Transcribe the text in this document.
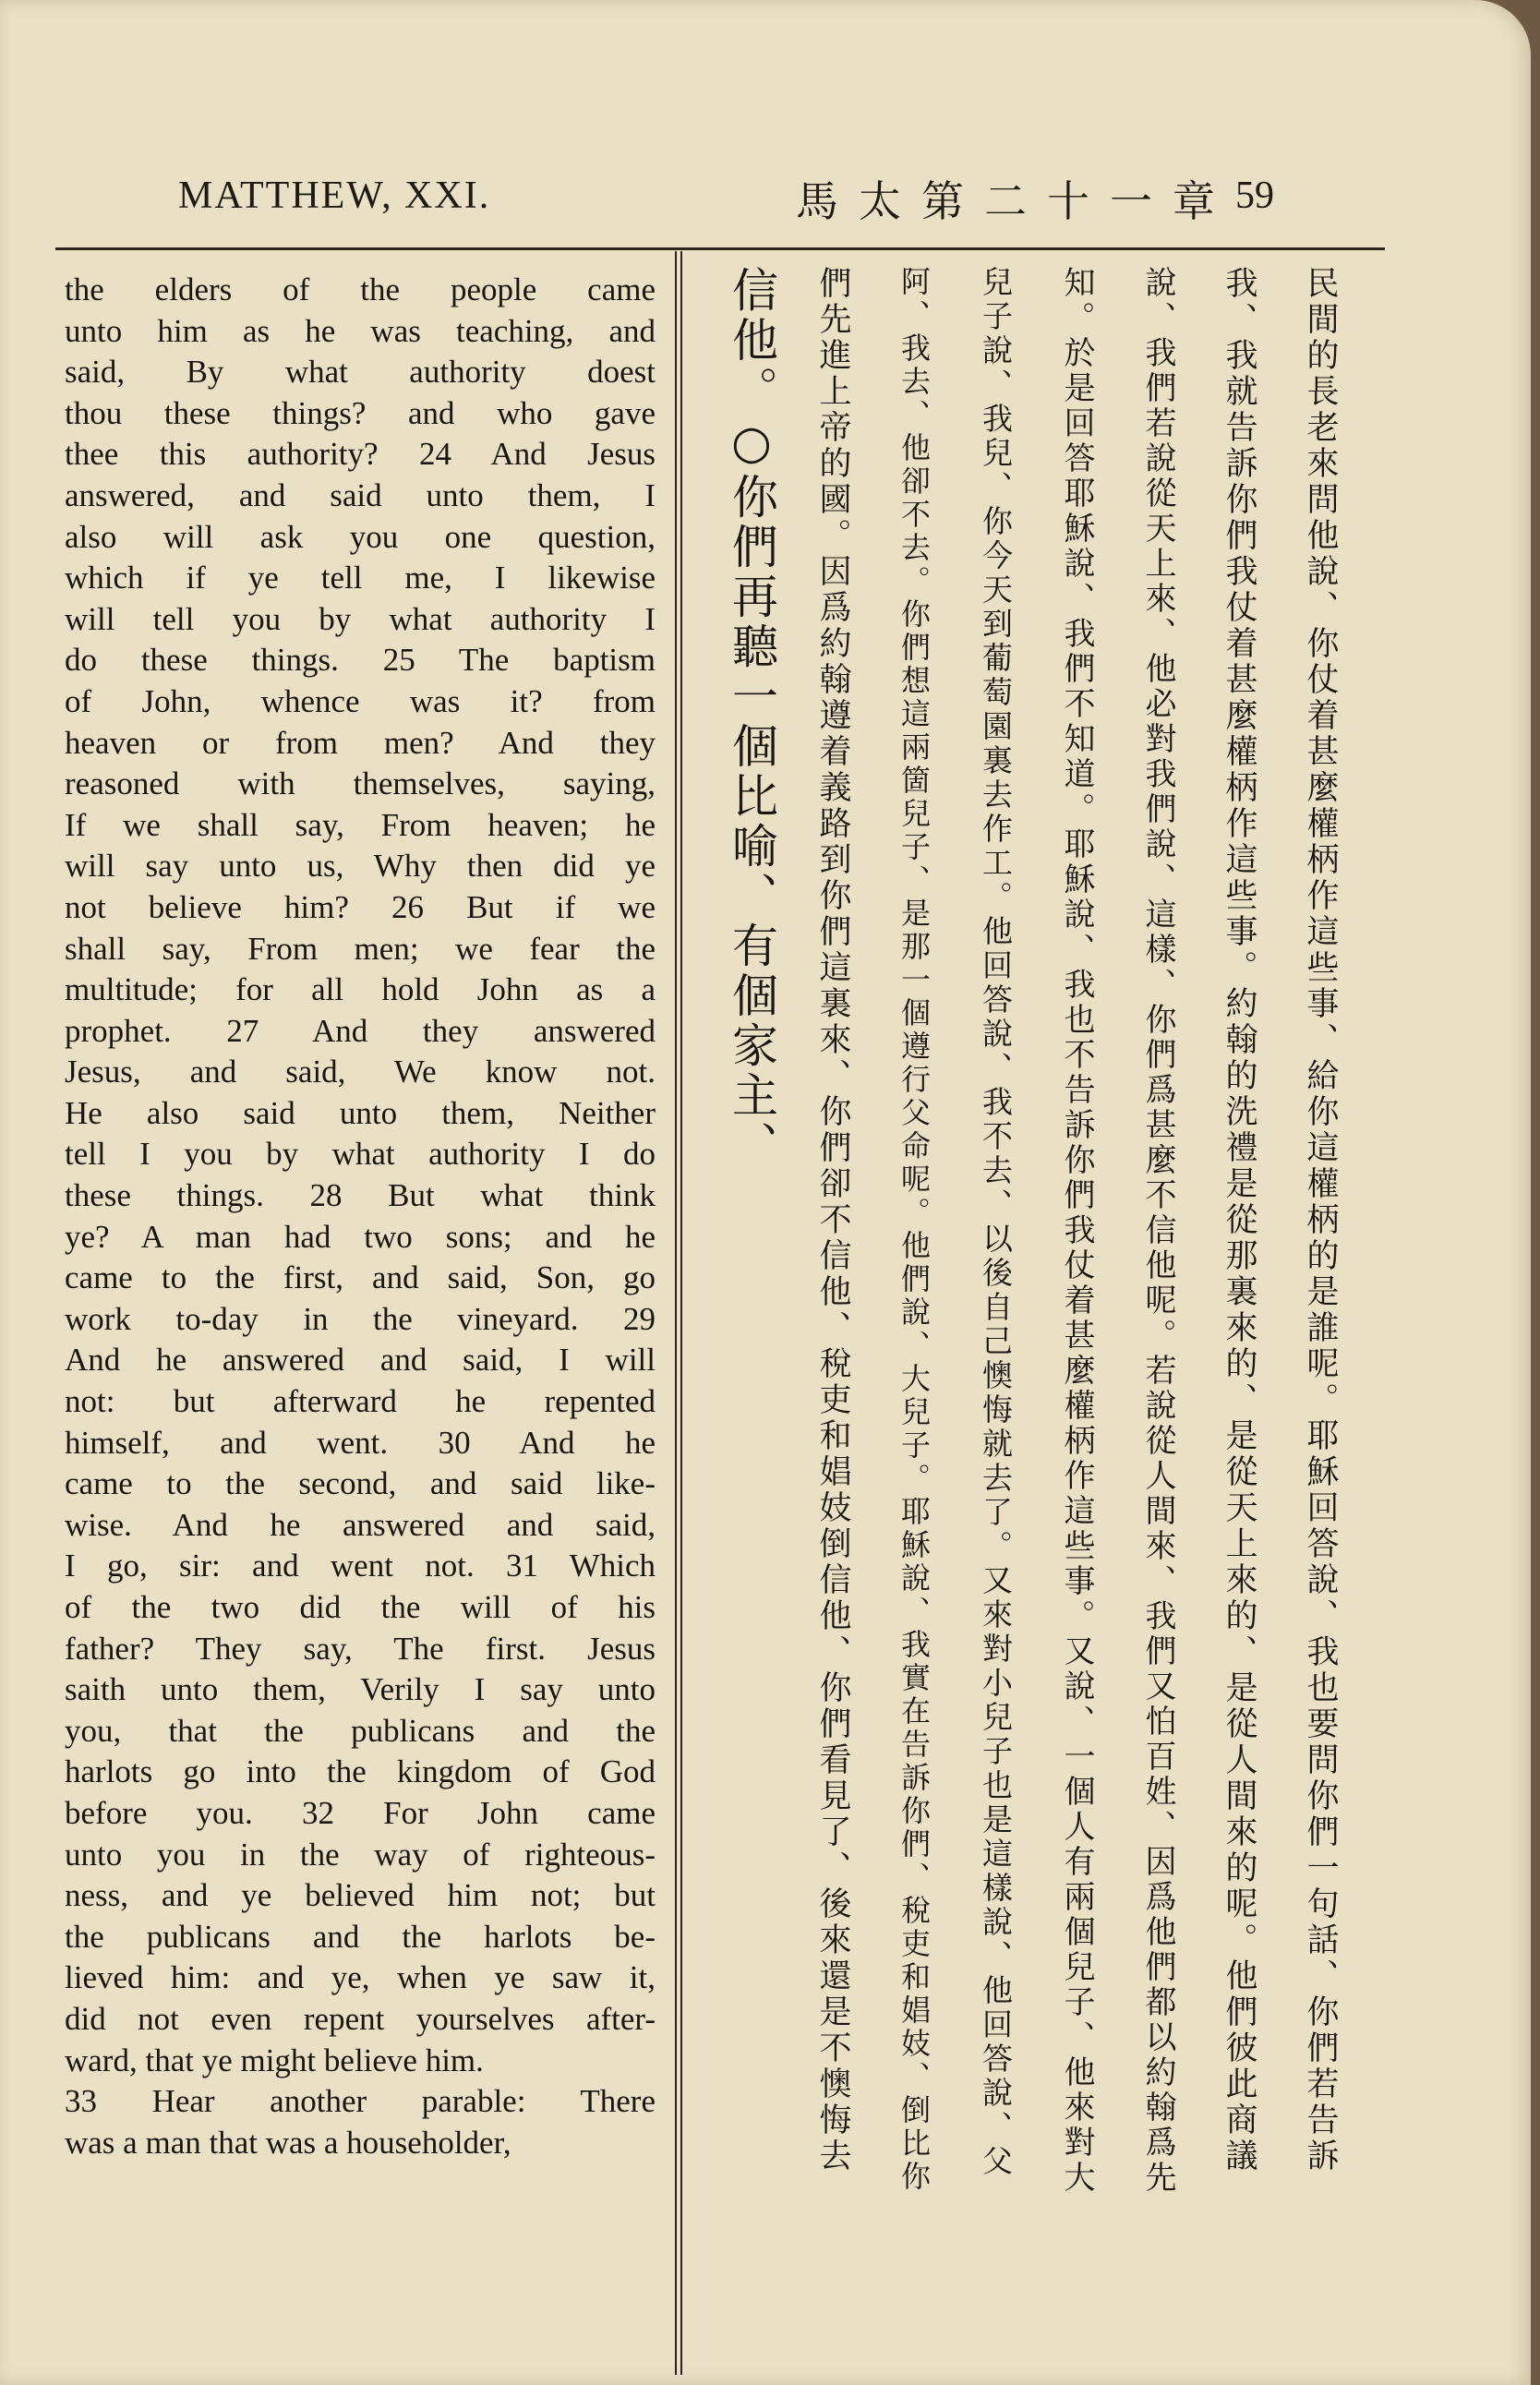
MATTHEW, XXI.	馬太第二十一章 59
the elders of the people came
unto him as he was teaching, and
said, By what authority doest
thou these things? and who gave
thee this authority? 24 And Jesus
answered, and said unto them, I
also will ask you one question,
which if ye tell me, I likewise
will tell you by what authority I
do these things. 25 The baptism
of John, whence was it? from
heaven or from men? And they
reasoned with themselves, saying,
If we shall say, From heaven; he
will say unto us, Why then did ye
not believe him? 26 But if we
shall say, From men; we fear the
multitude; for all hold John as a
prophet. 27 And they answered
Jesus, and said, We know not.
He also said unto them, Neither
tell I you by what authority I do
these things. 28 But what think
ye? A man had two sons; and he
came to the first, and said, Son, go
work to-day in the vineyard. 29
And he answered and said, I will
not: but afterward he repented
himself, and went. 30 And he
came to the second, and said like-
wise. And he answered and said,
I go, sir: and went not. 31 Which
of the two did the will of his
father? They say, The first. Jesus
saith unto them, Verily I say unto
you, that the publicans and the
harlots go into the kingdom of God
before you. 32 For John came
unto you in the way of righteous-
ness, and ye believed him not; but
the publicans and the harlots be-
lieved him: and ye, when ye saw it,
did not even repent yourselves after-
ward, that ye might believe him.
33 Hear another parable: There
was a man that was a householder,	民間的長老來問他說、你仗着甚麼權柄作這些事、給你這權柄的是誰呢。耶穌回答說、我也要問你們一句話、你們若告訴
我、我就告訴你們我仗着甚麼權柄作這些事。約翰的洗禮是從那裏來的、是從天上來的、是從人間來的呢。他們彼此商議
說、我們若說從天上來、他必對我們說、這樣、你們爲甚麼不信他呢。若說從人間來、我們又怕百姓、因爲他們都以約翰爲先
知。於是回答耶穌說、我們不知道。耶穌說、我也不告訴你們我仗着甚麼權柄作這些事。又說、一個人有兩個兒子、他來對大
兒子說、我兒、你今天到葡萄園裏去作工。他回答說、我不去、以後自己懊悔就去了。又來對小兒子也是這樣說、他回答說、父
阿、我去、他卻不去。你們想這兩箇兒子、是那一個遵行父命呢。他們說、大兒子。耶穌說、我實在告訴你們、稅吏和娼妓、倒比你
們先進上帝的國。因爲約翰遵着義路到你們這裏來、你們卻不信他、稅吏和娼妓倒信他、你們看見了、後來還是不懊悔去
信他。○你們再聽一個比喻、有個家主、
